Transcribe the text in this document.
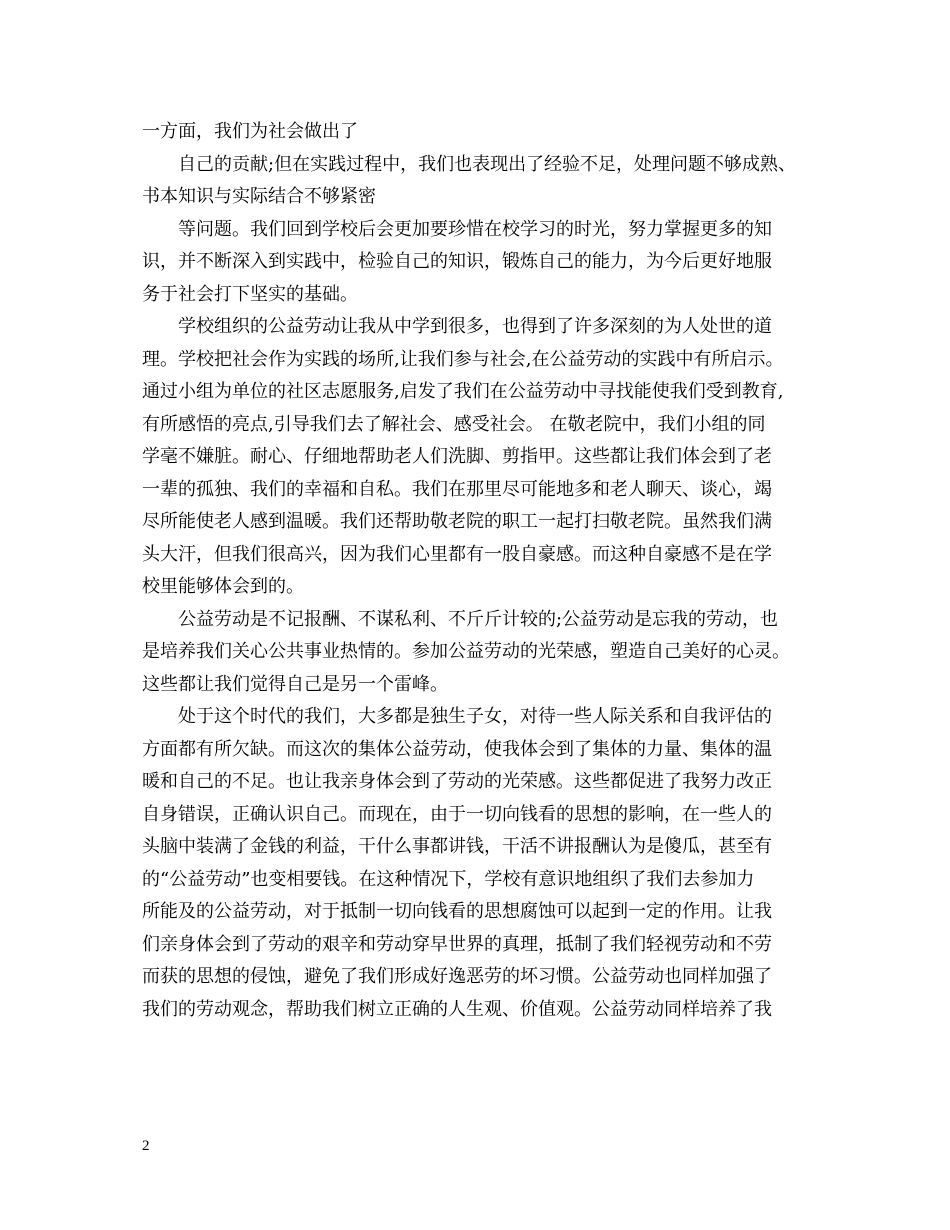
一方面，我们为社会做出了
自己的贡献;但在实践过程中，我们也表现出了经验不足，处理问题不够成熟、
书本知识与实际结合不够紧密
等问题。我们回到学校后会更加要珍惜在校学习的时光，努力掌握更多的知
识，并不断深入到实践中，检验自己的知识，锻炼自己的能力，为今后更好地服
务于社会打下坚实的基础。
学校组织的公益劳动让我从中学到很多，也得到了许多深刻的为人处世的道
理。学校把社会作为实践的场所,让我们参与社会,在公益劳动的实践中有所启示。
通过小组为单位的社区志愿服务,启发了我们在公益劳动中寻找能使我们受到教育,
有所感悟的亮点,引导我们去了解社会、感受社会。 在敬老院中，我们小组的同
学毫不嫌脏。耐心、仔细地帮助老人们洗脚、剪指甲。这些都让我们体会到了老
一辈的孤独、我们的幸福和自私。我们在那里尽可能地多和老人聊天、谈心，竭
尽所能使老人感到温暖。我们还帮助敬老院的职工一起打扫敬老院。虽然我们满
头大汗，但我们很高兴，因为我们心里都有一股自豪感。而这种自豪感不是在学
校里能够体会到的。
公益劳动是不记报酬、不谋私利、不斤斤计较的;公益劳动是忘我的劳动，也
是培养我们关心公共事业热情的。参加公益劳动的光荣感，塑造自己美好的心灵。
这些都让我们觉得自己是另一个雷峰。
处于这个时代的我们，大多都是独生子女，对待一些人际关系和自我评估的
方面都有所欠缺。而这次的集体公益劳动，使我体会到了集体的力量、集体的温
暖和自己的不足。也让我亲身体会到了劳动的光荣感。这些都促进了我努力改正
自身错误，正确认识自己。而现在，由于一切向钱看的思想的影响，在一些人的
头脑中装满了金钱的利益，干什么事都讲钱，干活不讲报酬认为是傻瓜，甚至有
的“公益劳动”也变相要钱。在这种情况下，学校有意识地组织了我们去参加力
所能及的公益劳动，对于抵制一切向钱看的思想腐蚀可以起到一定的作用。让我
们亲身体会到了劳动的艰辛和劳动穿早世界的真理，抵制了我们轻视劳动和不劳
而获的思想的侵蚀，避免了我们形成好逸恶劳的坏习惯。公益劳动也同样加强了
我们的劳动观念，帮助我们树立正确的人生观、价值观。公益劳动同样培养了我
2
